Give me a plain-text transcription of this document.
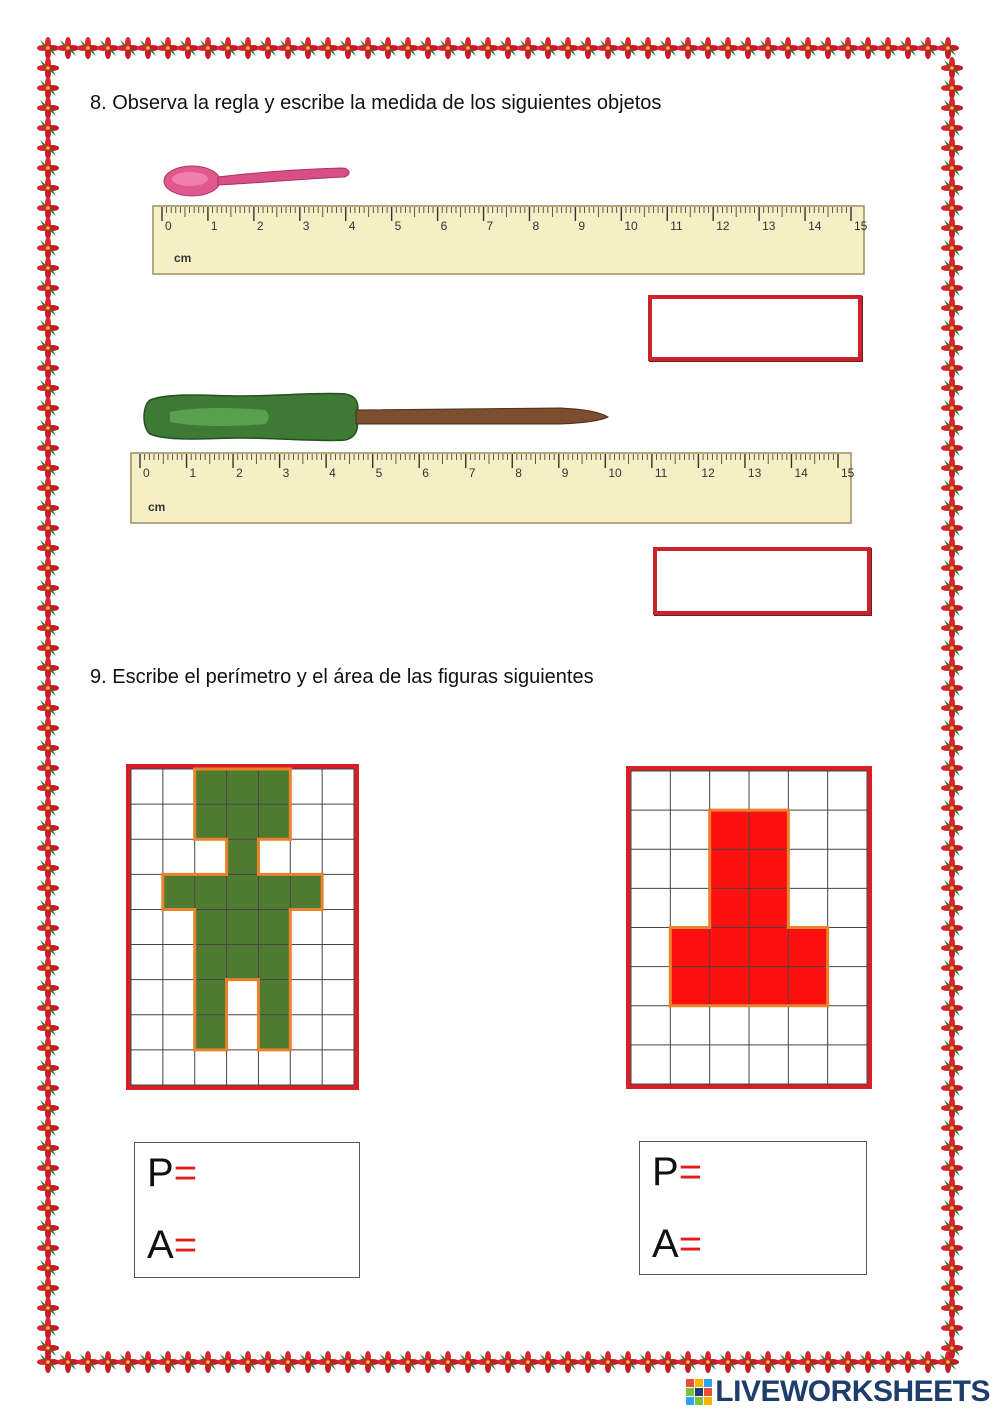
8. Observa la regla y escribe la medida de los siguientes objetos
0	1	2	3	4	5	6	7	8	9	10	11	12	13	14	15
cm
0	1	2	3	4	5	6	7	8	9	10	11	12	13	14	15
cm
9. Escribe el perímetro y el área de las figuras siguientes
P=
A=
P=
A=
LIVEWORKSHEETS
